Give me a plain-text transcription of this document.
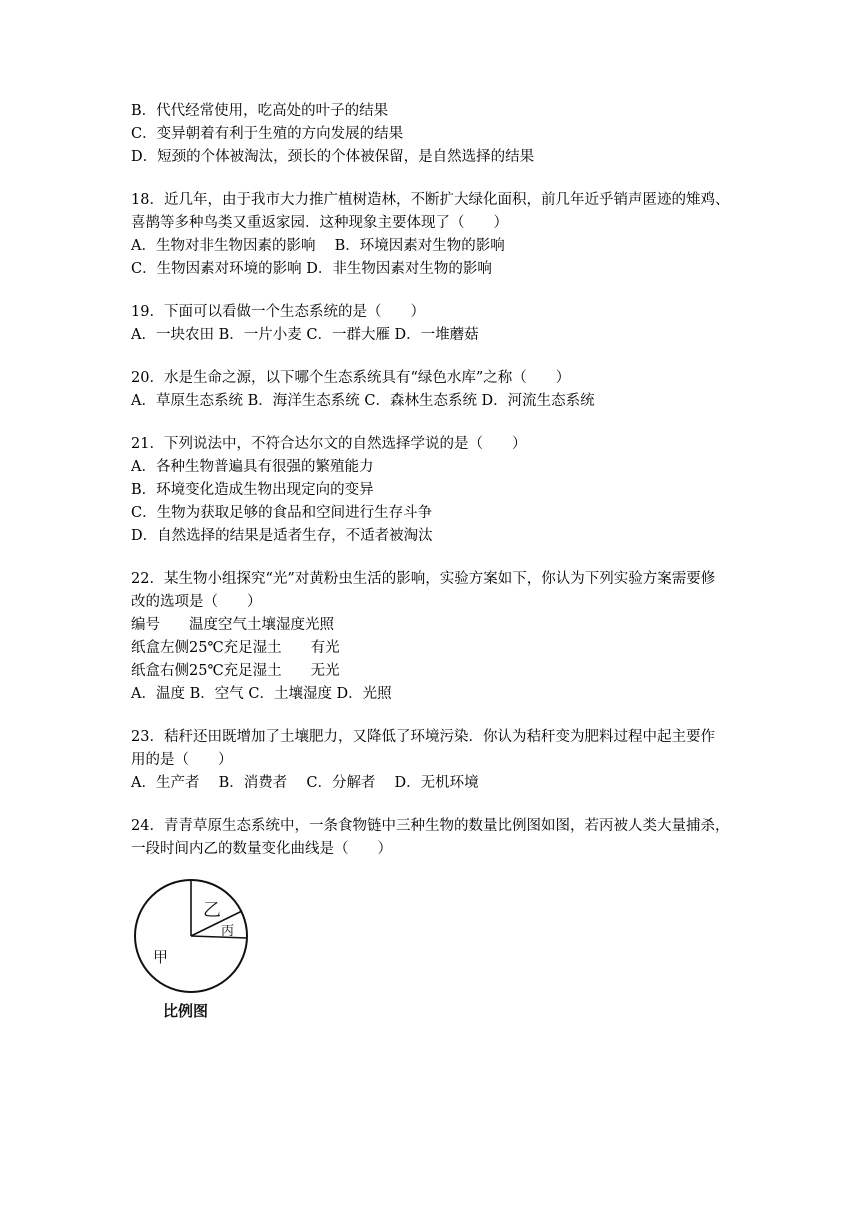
B．代代经常使用，吃高处的叶子的结果
C．变异朝着有利于生殖的方向发展的结果
D．短颈的个体被淘汰，颈长的个体被保留，是自然选择的结果
18．近几年，由于我市大力推广植树造林，不断扩大绿化面积，前几年近乎销声匿迹的雉鸡、
喜鹊等多种鸟类又重返家园．这种现象主要体现了（　　）
A．生物对非生物因素的影响　 B．环境因素对生物的影响
C．生物因素对环境的影响 D．非生物因素对生物的影响
19．下面可以看做一个生态系统的是（　　）
A．一块农田 B．一片小麦 C．一群大雁 D．一堆蘑菇
20．水是生命之源，以下哪个生态系统具有“绿色水库”之称（　　）
A．草原生态系统 B．海洋生态系统 C．森林生态系统 D．河流生态系统
21．下列说法中，不符合达尔文的自然选择学说的是（　　）
A．各种生物普遍具有很强的繁殖能力
B．环境变化造成生物出现定向的变异
C．生物为获取足够的食品和空间进行生存斗争
D．自然选择的结果是适者生存，不适者被淘汰
22．某生物小组探究“光”对黄粉虫生活的影响，实验方案如下，你认为下列实验方案需要修
改的选项是（　　）
编号　　温度空气土壤湿度光照
纸盒左侧25℃充足湿土　　有光
纸盒右侧25℃充足湿土　　无光
A．温度 B．空气 C．土壤湿度 D．光照
23．秸秆还田既增加了土壤肥力，又降低了环境污染．你认为秸秆变为肥料过程中起主要作
用的是（　　）
A．生产者　 B．消费者　 C．分解者　 D．无机环境
24．青青草原生态系统中，一条食物链中三种生物的数量比例图如图，若丙被人类大量捕杀，
一段时间内乙的数量变化曲线是（　　）
乙
丙
甲
比例图
